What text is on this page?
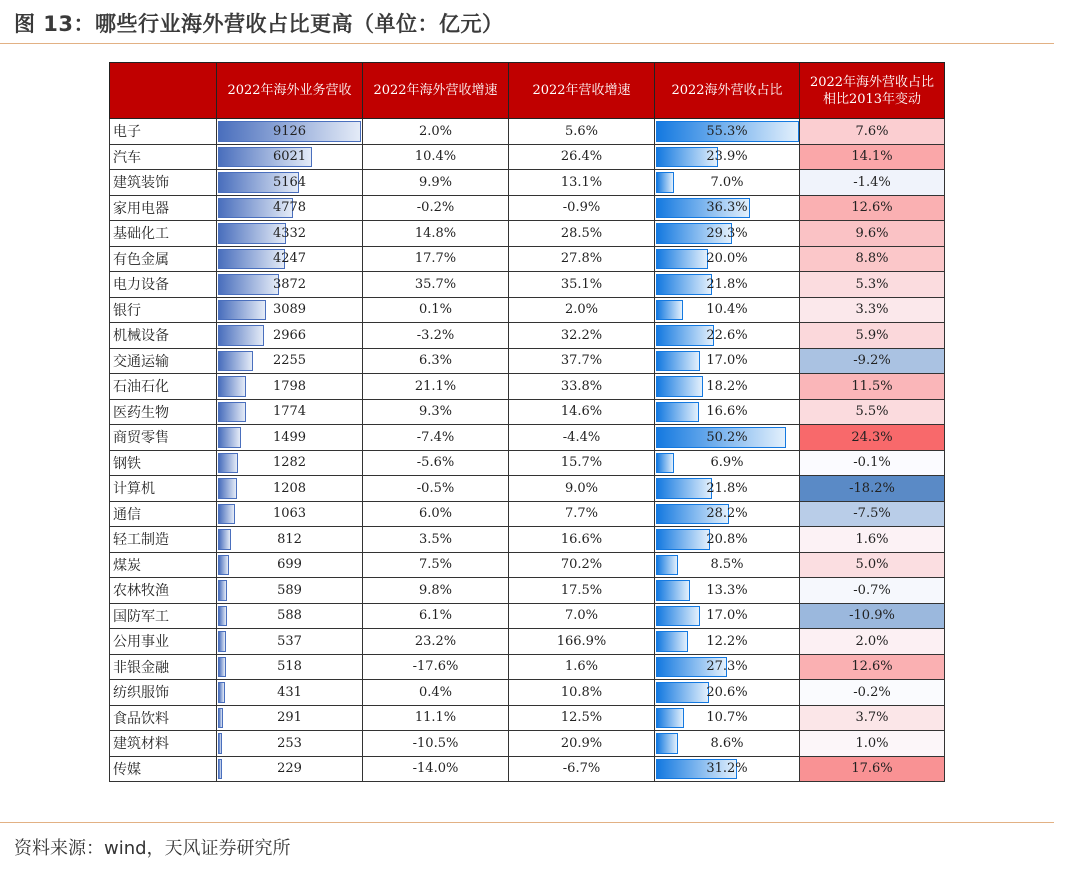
图 13：哪些行业海外营收占比更高（单位：亿元）
	2022年海外业务营收	2022年海外营收增速	2022年营收增速	2022海外营收占比	2022年海外营收占比相比2013年变动
电子	9126	2.0%	5.6%	55.3%	7.6%
汽车	6021	10.4%	26.4%	23.9%	14.1%
建筑装饰	5164	9.9%	13.1%	7.0%	-1.4%
家用电器	4778	-0.2%	-0.9%	36.3%	12.6%
基础化工	4332	14.8%	28.5%	29.3%	9.6%
有色金属	4247	17.7%	27.8%	20.0%	8.8%
电力设备	3872	35.7%	35.1%	21.8%	5.3%
银行	3089	0.1%	2.0%	10.4%	3.3%
机械设备	2966	-3.2%	32.2%	22.6%	5.9%
交通运输	2255	6.3%	37.7%	17.0%	-9.2%
石油石化	1798	21.1%	33.8%	18.2%	11.5%
医药生物	1774	9.3%	14.6%	16.6%	5.5%
商贸零售	1499	-7.4%	-4.4%	50.2%	24.3%
钢铁	1282	-5.6%	15.7%	6.9%	-0.1%
计算机	1208	-0.5%	9.0%	21.8%	-18.2%
通信	1063	6.0%	7.7%	28.2%	-7.5%
轻工制造	812	3.5%	16.6%	20.8%	1.6%
煤炭	699	7.5%	70.2%	8.5%	5.0%
农林牧渔	589	9.8%	17.5%	13.3%	-0.7%
国防军工	588	6.1%	7.0%	17.0%	-10.9%
公用事业	537	23.2%	166.9%	12.2%	2.0%
非银金融	518	-17.6%	1.6%	27.3%	12.6%
纺织服饰	431	0.4%	10.8%	20.6%	-0.2%
食品饮料	291	11.1%	12.5%	10.7%	3.7%
建筑材料	253	-10.5%	20.9%	8.6%	1.0%
传媒	229	-14.0%	-6.7%	31.2%	17.6%
资料来源：wind，天风证券研究所
